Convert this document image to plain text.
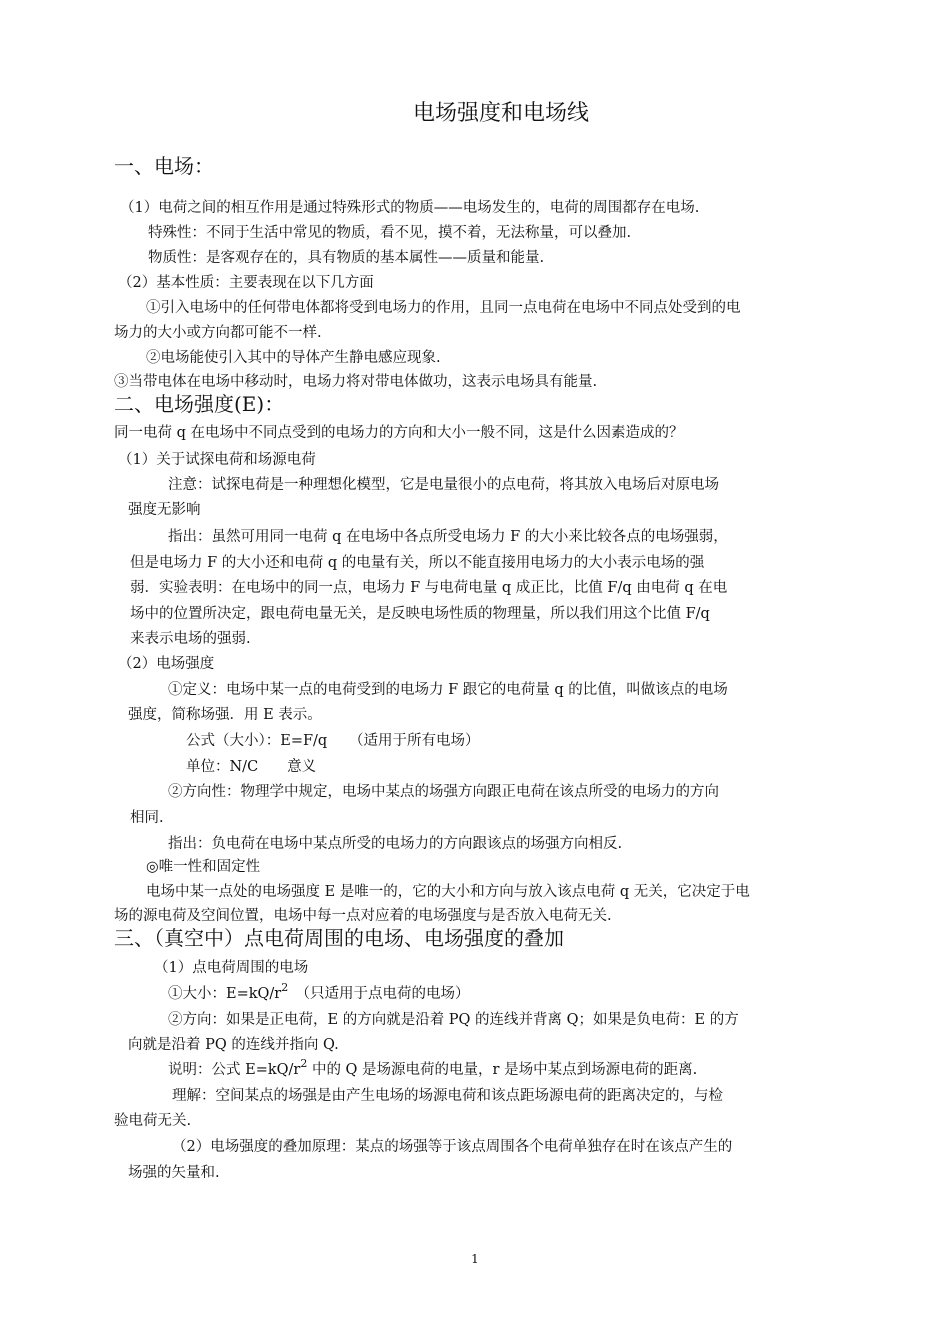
电场强度和电场线
一、电场：
（1）电荷之间的相互作用是通过特殊形式的物质——电场发生的，电荷的周围都存在电场.
特殊性：不同于生活中常见的物质，看不见，摸不着，无法称量，可以叠加.
物质性：是客观存在的，具有物质的基本属性——质量和能量.
（2）基本性质：主要表现在以下几方面
①引入电场中的任何带电体都将受到电场力的作用，且同一点电荷在电场中不同点处受到的电
场力的大小或方向都可能不一样.
②电场能使引入其中的导体产生静电感应现象.
③当带电体在电场中移动时，电场力将对带电体做功，这表示电场具有能量.
二、电场强度(E)：
同一电荷 q 在电场中不同点受到的电场力的方向和大小一般不同，这是什么因素造成的？
（1）关于试探电荷和场源电荷
注意：试探电荷是一种理想化模型，它是电量很小的点电荷，将其放入电场后对原电场
强度无影响
指出：虽然可用同一电荷 q 在电场中各点所受电场力 F 的大小来比较各点的电场强弱，
但是电场力 F 的大小还和电荷 q 的电量有关，所以不能直接用电场力的大小表示电场的强
弱．实验表明：在电场中的同一点，电场力 F 与电荷电量 q 成正比，比值 F/q 由电荷 q 在电
场中的位置所决定，跟电荷电量无关，是反映电场性质的物理量，所以我们用这个比值 F/q
来表示电场的强弱.
（2）电场强度
①定义：电场中某一点的电荷受到的电场力 F 跟它的电荷量 q 的比值，叫做该点的电场
强度，简称场强．用 E 表示。
公式（大小）：E=F/q　　（适用于所有电场）
单位：N/C　　意义
②方向性：物理学中规定，电场中某点的场强方向跟正电荷在该点所受的电场力的方向
相同.
指出：负电荷在电场中某点所受的电场力的方向跟该点的场强方向相反.
◎唯一性和固定性
电场中某一点处的电场强度 E 是唯一的，它的大小和方向与放入该点电荷 q 无关，它决定于电
场的源电荷及空间位置，电场中每一点对应着的电场强度与是否放入电荷无关.
三、（真空中）点电荷周围的电场、电场强度的叠加
（1）点电荷周围的电场
①大小：$E=kQ/r^2$　（只适用于点电荷的电场）
②方向：如果是正电荷，E 的方向就是沿着 PQ 的连线并背离 Q；如果是负电荷：E 的方
向就是沿着 PQ 的连线并指向 Q.
说明：公式 $E=kQ/r^2$ 中的 Q 是场源电荷的电量，r 是场中某点到场源电荷的距离.
理解：空间某点的场强是由产生电场的场源电荷和该点距场源电荷的距离决定的，与检
验电荷无关.
（2）电场强度的叠加原理：某点的场强等于该点周围各个电荷单独存在时在该点产生的
场强的矢量和.
1
